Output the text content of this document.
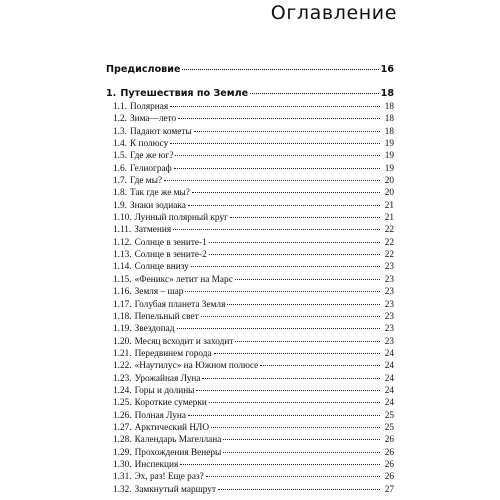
Оглавление
Предисловие	16
1. Путешествия по Земле	18
1.1. Полярная	18
1.2. Зима—лето	18
1.3. Падают кометы	18
1.4. К полюсу	19
1.5. Где же юг?	19
1.6. Гелиограф	19
1.7. Где мы?	20
1.8. Так где же мы?	20
1.9. Знаки зодиака	21
1.10. Лунный полярный круг	21
1.11. Затмения	22
1.12. Солнце в зените-1	22
1.13. Солнце в зените-2	22
1.14. Солнце внизу	23
1.15. «Феникс» летит на Марс	23
1.16. Земля – шар	23
1.17. Голубая планета Земля	23
1.18. Пепельный свет	23
1.19. Звездопад	23
1.20. Месяц всходит и заходит	23
1.21. Передвинем города	24
1.22. «Наутилус» на Южном полюсе	24
1.23. Урожайная Луна	24
1.24. Горы и долины	24
1.25. Короткие сумерки	24
1.26. Полная Луна	25
1.27. Арктический НЛО	25
1.28. Календарь Магеллана	26
1.29. Прохождения Венеры	26
1.30. Инспекция	26
1.31. Эх, раз! Еще раз?	26
1.32. Замкнутый маршрут	27
